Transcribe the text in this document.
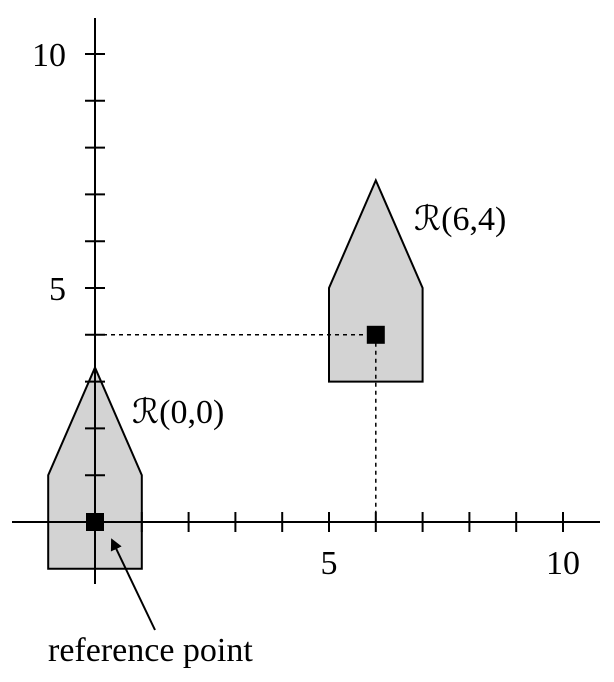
5	10
5
10
ℛ(0,0)
ℛ(6,4)
reference point
